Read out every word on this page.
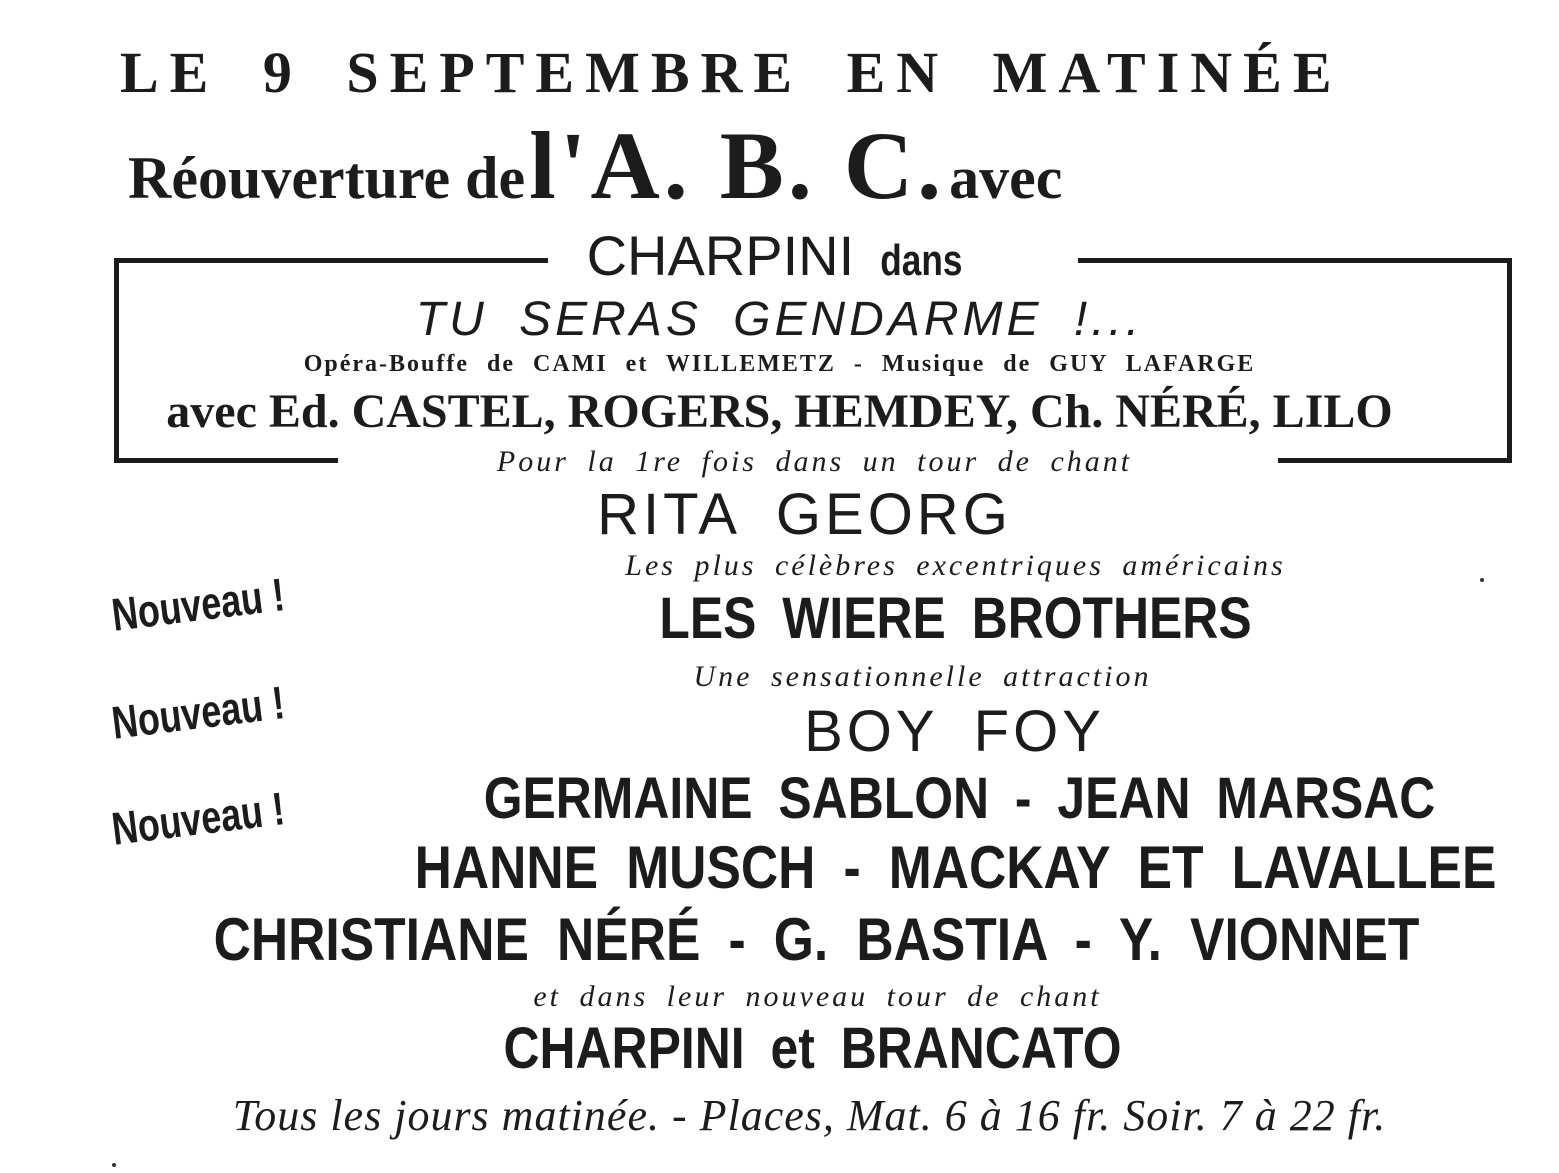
LE 9 SEPTEMBRE EN MATINÉE
Réouverture de l'A. B. C. avec
CHARPINI dans
TU SERAS GENDARME !...
Opéra-Bouffe de CAMI et WILLEMETZ - Musique de GUY LAFARGE
avec Ed. CASTEL, ROGERS, HEMDEY, Ch. NÉRÉ, LILO
Pour la 1re fois dans un tour de chant
RITA GEORG
Les plus célèbres excentriques américains
LES WIERE BROTHERS
Une sensationnelle attraction
BOY FOY
GERMAINE SABLON - JEAN MARSAC
HANNE MUSCH - MACKAY ET LAVALLEE
CHRISTIANE NÉRÉ - G. BASTIA - Y. VIONNET
et dans leur nouveau tour de chant
CHARPINI et BRANCATO
Tous les jours matinée. - Places, Mat. 6 à 16 fr. Soir. 7 à 22 fr.
Nouveau !
Nouveau !
Nouveau !
